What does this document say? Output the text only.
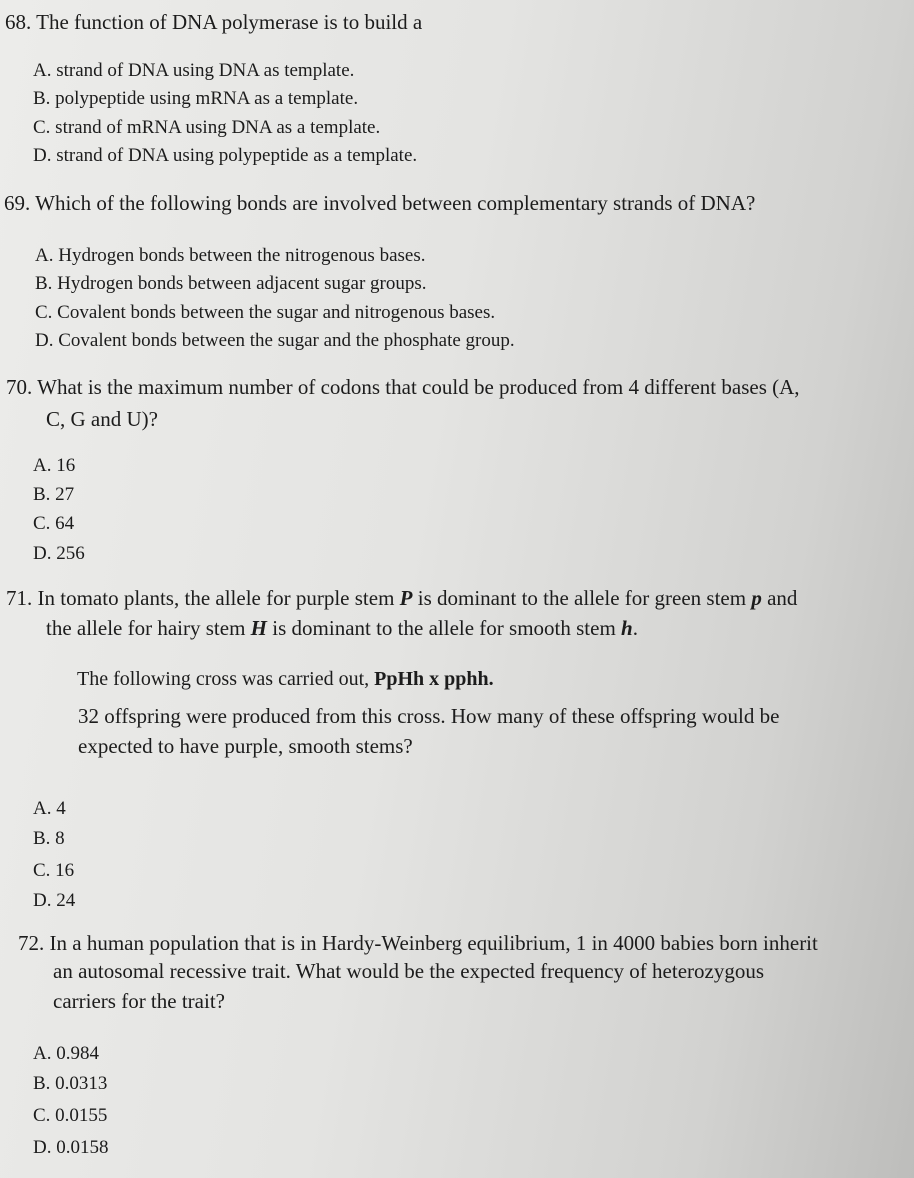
68. The function of DNA polymerase is to build a
A. strand of DNA using DNA as template.
B. polypeptide using mRNA as a template.
C. strand of mRNA using DNA as a template.
D. strand of DNA using polypeptide as a template.
69. Which of the following bonds are involved between complementary strands of DNA?
A. Hydrogen bonds between the nitrogenous bases.
B. Hydrogen bonds between adjacent sugar groups.
C. Covalent bonds between the sugar and nitrogenous bases.
D. Covalent bonds between the sugar and the phosphate group.
70. What is the maximum number of codons that could be produced from 4 different bases (A,
C, G and U)?
A. 16
B. 27
C. 64
D. 256
71. In tomato plants, the allele for purple stem P is dominant to the allele for green stem p and
the allele for hairy stem H is dominant to the allele for smooth stem h.
The following cross was carried out, PpHh x pphh.
32 offspring were produced from this cross. How many of these offspring would be
expected to have purple, smooth stems?
A. 4
B. 8
C. 16
D. 24
72. In a human population that is in Hardy-Weinberg equilibrium, 1 in 4000 babies born inherit
an autosomal recessive trait. What would be the expected frequency of heterozygous
carriers for the trait?
A. 0.984
B. 0.0313
C. 0.0155
D. 0.0158
